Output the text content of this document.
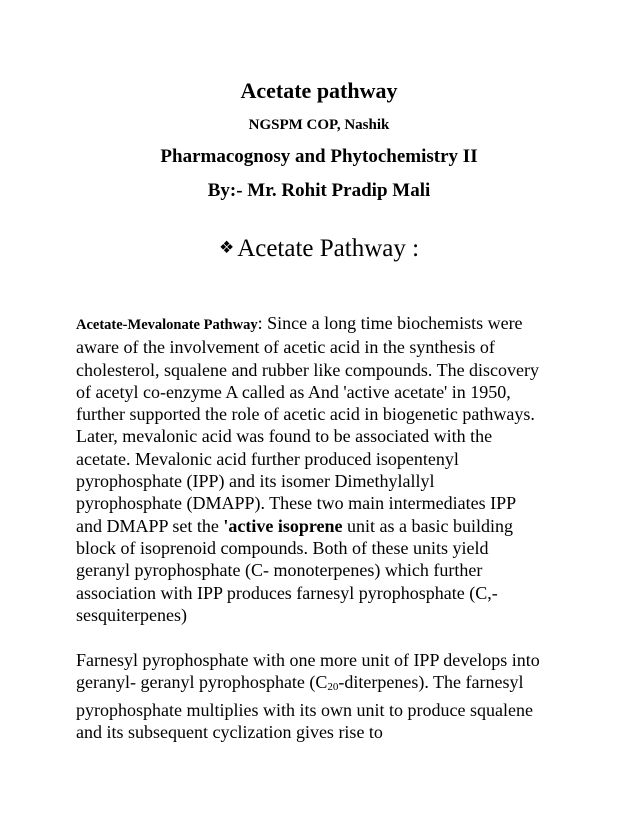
Acetate pathway
NGSPM COP, Nashik
Pharmacognosy and Phytochemistry II
By:- Mr. Rohit Pradip Mali
❖ Acetate Pathway :
Acetate-Mevalonate Pathway: Since a long time biochemists were
aware of the involvement of acetic acid in the synthesis of
cholesterol, squalene and rubber like compounds. The discovery
of acetyl co-enzyme A called as And 'active acetate' in 1950,
further supported the role of acetic acid in biogenetic pathways.
Later, mevalonic acid was found to be associated with the
acetate. Mevalonic acid further produced isopentenyl
pyrophosphate (IPP) and its isomer Dimethylallyl
pyrophosphate (DMAPP). These two main intermediates IPP
and DMAPP set the 'active isoprene unit as a basic building
block of isoprenoid compounds. Both of these units yield
geranyl pyrophosphate (C- monoterpenes) which further
association with IPP produces farnesyl pyrophosphate (C,-
sesquiterpenes)
Farnesyl pyrophosphate with one more unit of IPP develops into
geranyl- geranyl pyrophosphate (C20-diterpenes). The farnesyl
pyrophosphate multiplies with its own unit to produce squalene
and its subsequent cyclization gives rise to
